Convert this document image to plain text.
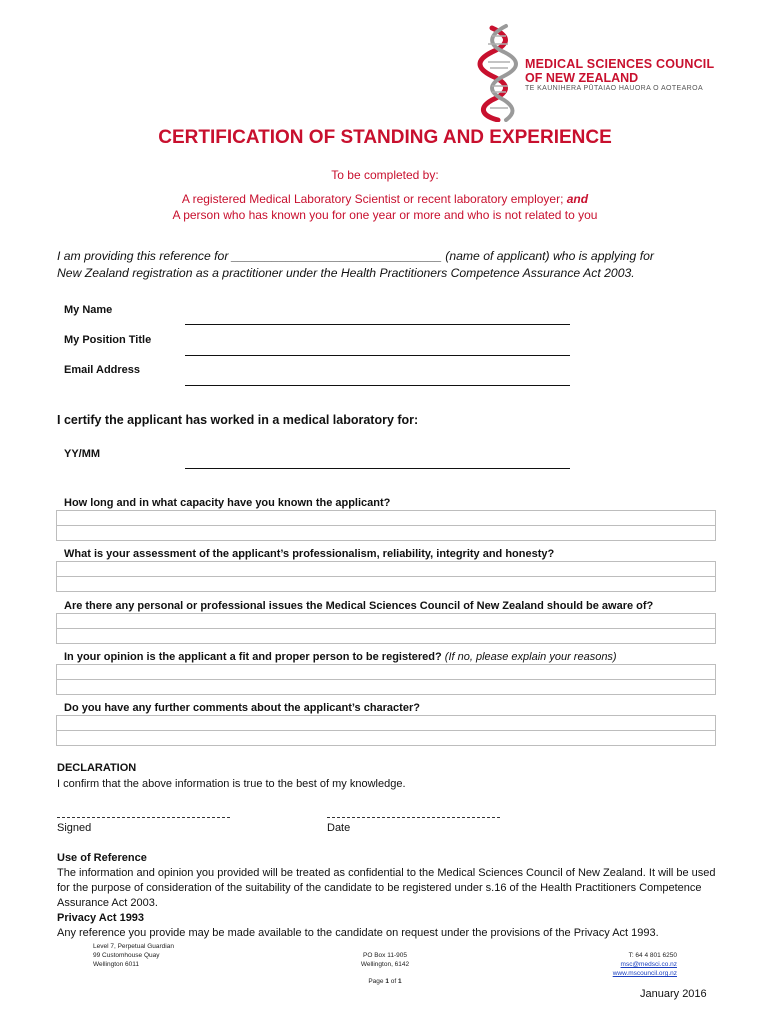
MEDICAL SCIENCES COUNCIL
OF NEW ZEALAND
TE KAUNIHERA PŪTAIAO HAUORA O AOTEAROA
CERTIFICATION OF STANDING AND EXPERIENCE
To be completed by:
A registered Medical Laboratory Scientist or recent laboratory employer; and
A person who has known you for one year or more and who is not related to you
I am providing this reference for _______________________________ (name of applicant) who is applying for
New Zealand registration as a practitioner under the Health Practitioners Competence Assurance Act 2003.
My Name
My Position Title
Email Address
I certify the applicant has worked in a medical laboratory for:
YY/MM
How long and in what capacity have you known the applicant?
What is your assessment of the applicant’s professionalism, reliability, integrity and honesty?
Are there any personal or professional issues the Medical Sciences Council of New Zealand should be aware of?
In your opinion is the applicant a fit and proper person to be registered? (If no, please explain your reasons)
Do you have any further comments about the applicant’s character?
DECLARATION
I confirm that the above information is true to the best of my knowledge.
Signed	Date
Use of Reference
The information and opinion you provided will be treated as confidential to the Medical Sciences Council of New Zealand. It will be used for the purpose of consideration of the suitability of the candidate to be registered under s.16 of the Health Practitioners Competence Assurance Act 2003.
Privacy Act 1993
Any reference you provide may be made available to the candidate on request under the provisions of the Privacy Act 1993.
Level 7, Perpetual Guardian
99 Customhouse Quay
Wellington 6011
PO Box 11-905
Wellington, 6142
T: 64 4 801 6250
msc@medsci.co.nz
www.mscouncil.org.nz
Page 1 of 1
January 2016
